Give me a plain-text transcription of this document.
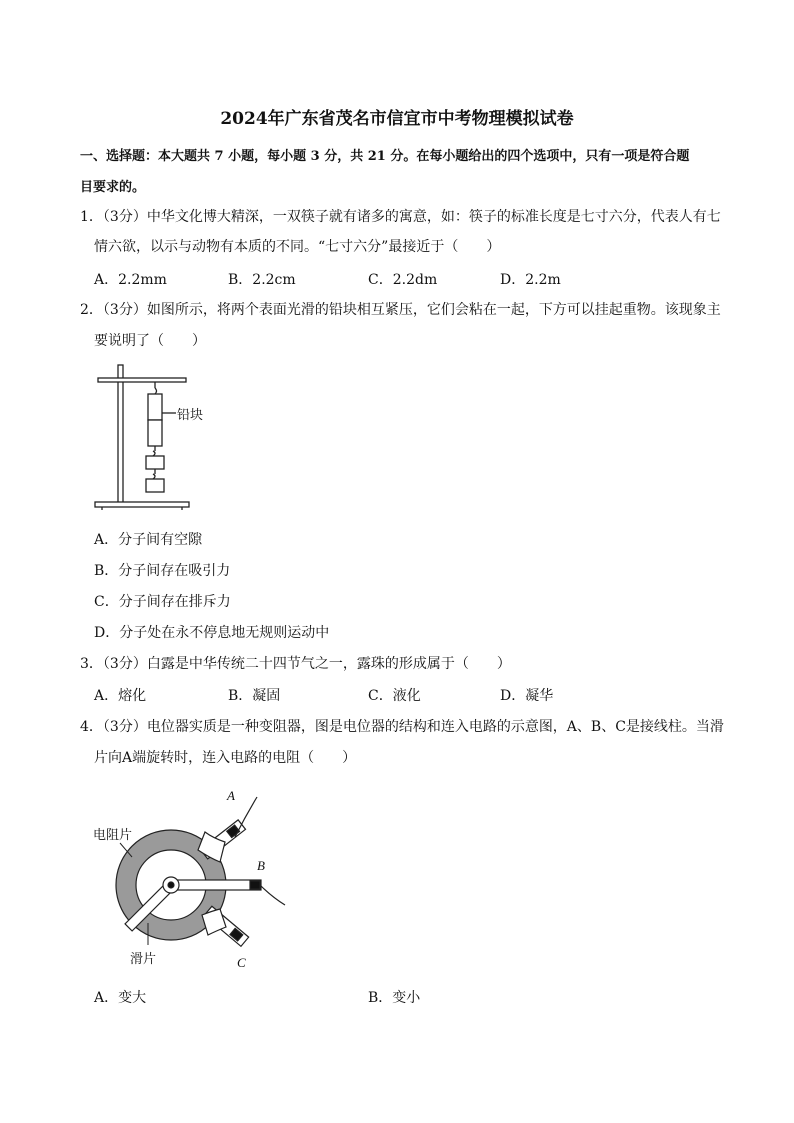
2024年广东省茂名市信宜市中考物理模拟试卷
一、选择题：本大题共 7 小题，每小题 3 分，共 21 分。在每小题给出的四个选项中，只有一项是符合题
目要求的。
1．（3分）中华文化博大精深，一双筷子就有诸多的寓意，如：筷子的标准长度是七寸六分，代表人有七
情六欲，以示与动物有本质的不同。“七寸六分”最接近于（　　）
A．2.2mm	B．2.2cm	C．2.2dm	D．2.2m
2．（3分）如图所示，将两个表面光滑的铅块相互紧压，它们会粘在一起，下方可以挂起重物。该现象主
要说明了（　　）
铅块
A．分子间有空隙
B．分子间存在吸引力
C．分子间存在排斥力
D．分子处在永不停息地无规则运动中
3．（3分）白露是中华传统二十四节气之一，露珠的形成属于（　　）
A．熔化	B．凝固	C．液化	D．凝华
4．（3分）电位器实质是一种变阻器，图是电位器的结构和连入电路的示意图，A、B、C是接线柱。当滑
片向A端旋转时，连入电路的电阻（　　）
电阻片
滑片
A
B
C
A．变大	B．变小
